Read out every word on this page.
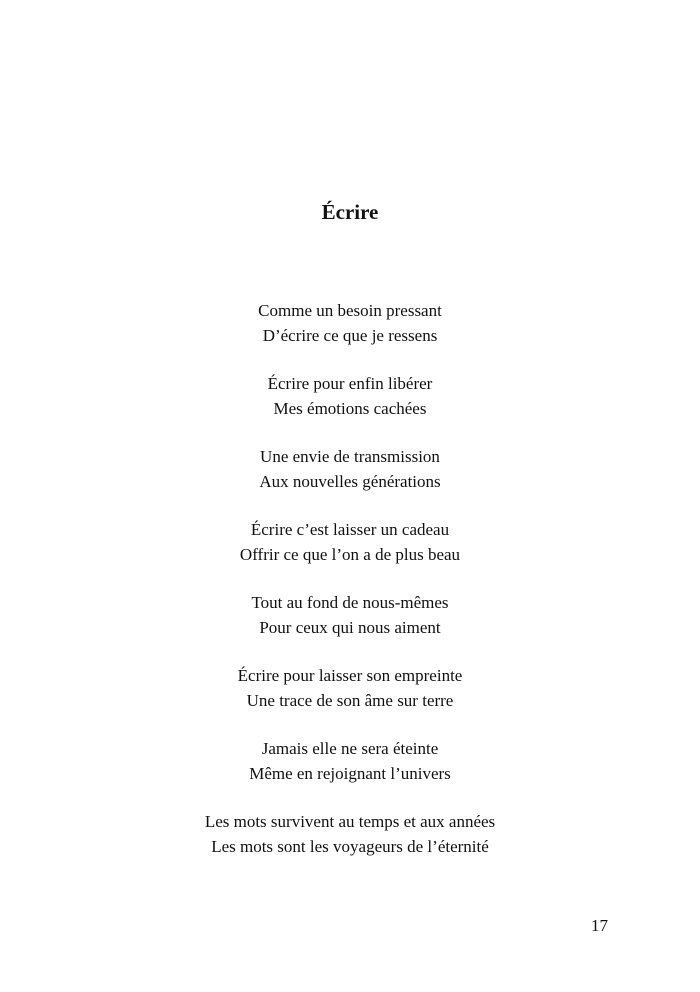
Écrire
Comme un besoin pressant
D’écrire ce que je ressens
Écrire pour enfin libérer
Mes émotions cachées
Une envie de transmission
Aux nouvelles générations
Écrire c’est laisser un cadeau
Offrir ce que l’on a de plus beau
Tout au fond de nous-mêmes
Pour ceux qui nous aiment
Écrire pour laisser son empreinte
Une trace de son âme sur terre
Jamais elle ne sera éteinte
Même en rejoignant l’univers
Les mots survivent au temps et aux années
Les mots sont les voyageurs de l’éternité
17
